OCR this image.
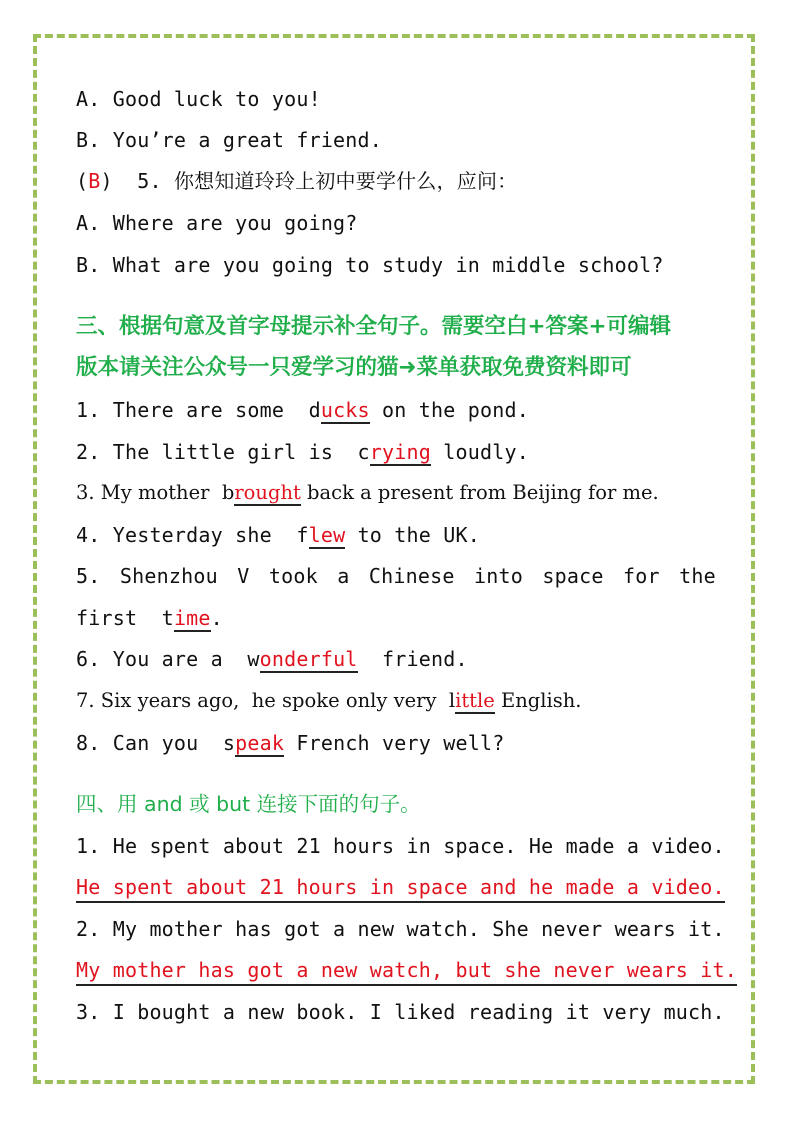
A. Good luck to you!
B. You’re a great friend.
(B)  5. 你想知道玲玲上初中要学什么，应问：
A. Where are you going?
B. What are you going to study in middle school?
三、根据句意及首字母提示补全句子。需要空白+答案+可编辑
版本请关注公众号一只爱学习的猫➜菜单获取免费资料即可
1. There are some  ducks on the pond.
2. The little girl is  crying loudly.
3. My mother  brought back a present from Beijing for me.
4. Yesterday she  flew to the UK.
5. Shenzhou V took a Chinese into space for the
first  time.
6. You are a  wonderful  friend.
7. Six years ago,  he spoke only very  little English.
8. Can you  speak French very well?
四、用 and 或 but 连接下面的句子。
1. He spent about 21 hours in space. He made a video.
He spent about 21 hours in space and he made a video.
2. My mother has got a new watch. She never wears it.
My mother has got a new watch, but she never wears it.
3. I bought a new book. I liked reading it very much.
